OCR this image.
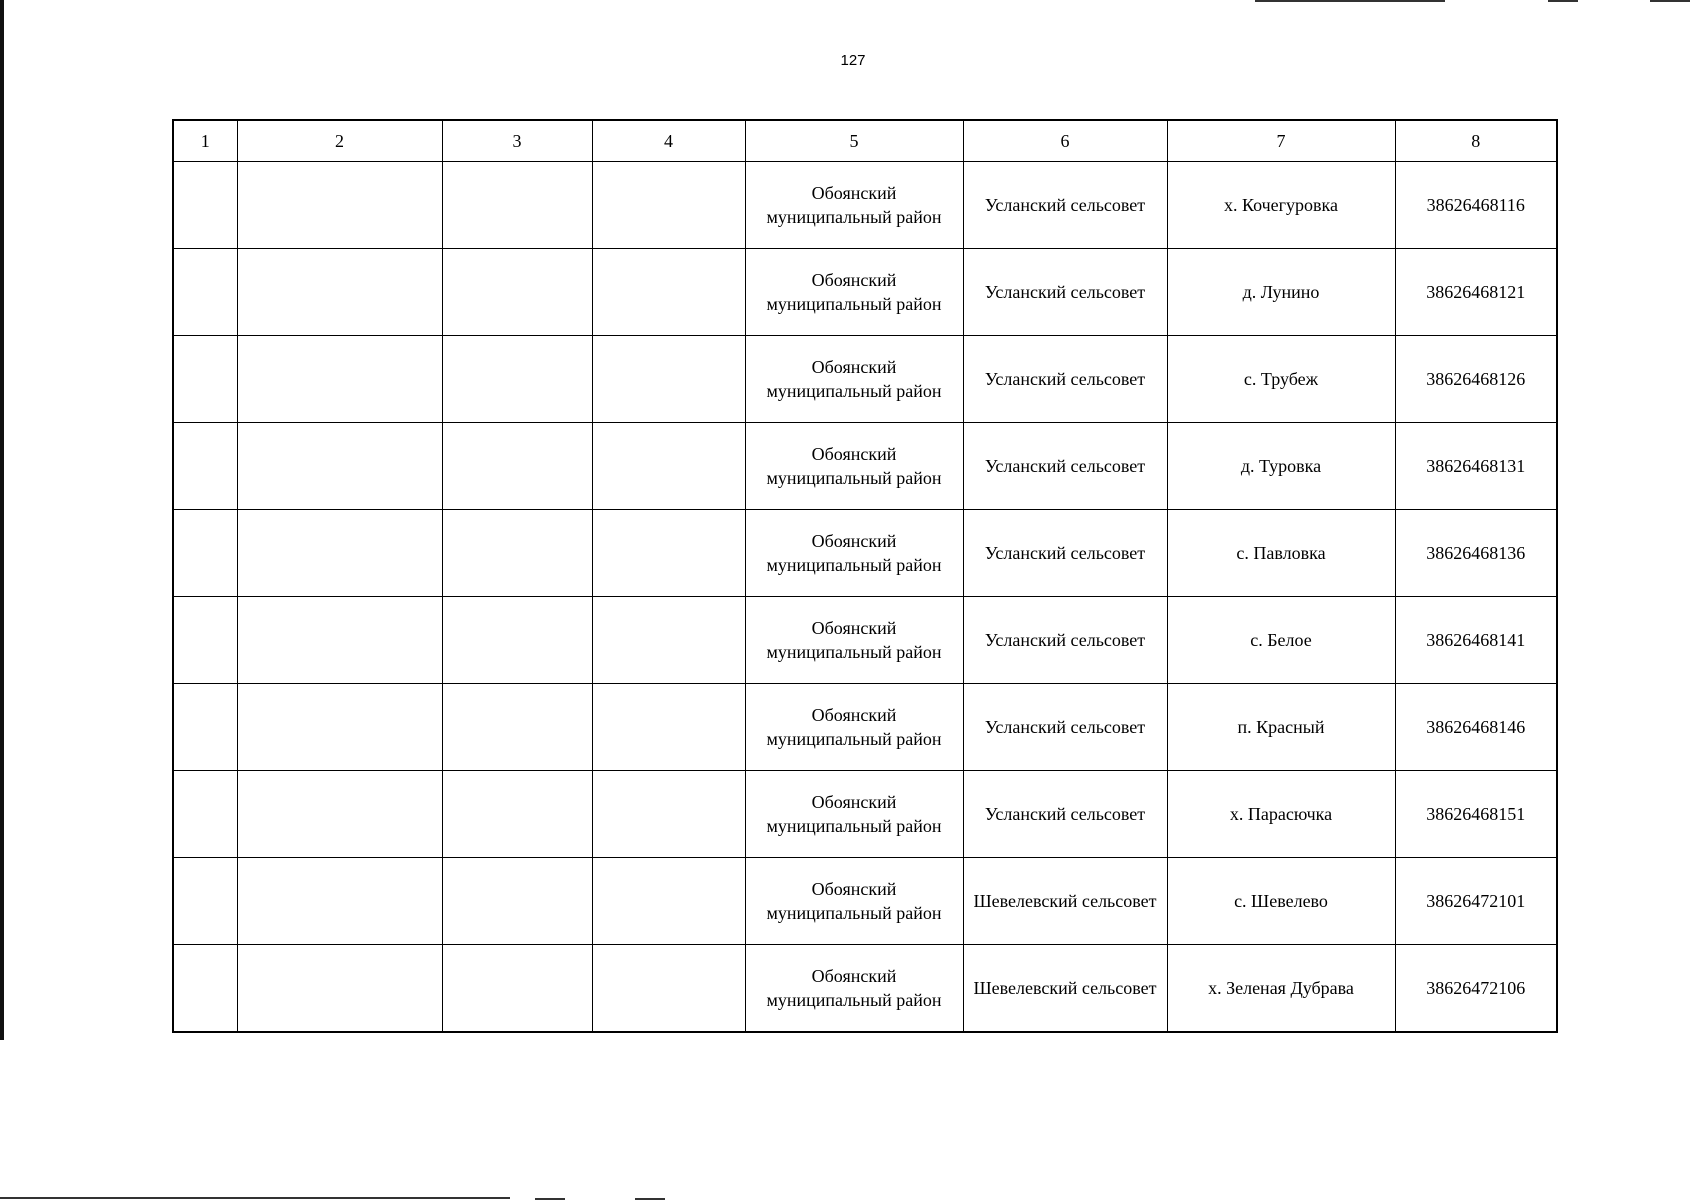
127
1	2	3	4	5	6	7	8

				Обоянский
муниципальный район	Усланский сельсовет	х. Кочегуровка	38626468116

				Обоянский
муниципальный район	Усланский сельсовет	д. Лунино	38626468121

				Обоянский
муниципальный район	Усланский сельсовет	с. Трубеж	38626468126

				Обоянский
муниципальный район	Усланский сельсовет	д. Туровка	38626468131

				Обоянский
муниципальный район	Усланский сельсовет	с. Павловка	38626468136

				Обоянский
муниципальный район	Усланский сельсовет	с. Белое	38626468141

				Обоянский
муниципальный район	Усланский сельсовет	п. Красный	38626468146

				Обоянский
муниципальный район	Усланский сельсовет	х. Парасючка	38626468151

				Обоянский
муниципальный район	Шевелевский сельсовет	с. Шевелево	38626472101

				Обоянский
муниципальный район	Шевелевский сельсовет	х. Зеленая Дубрава	38626472106
